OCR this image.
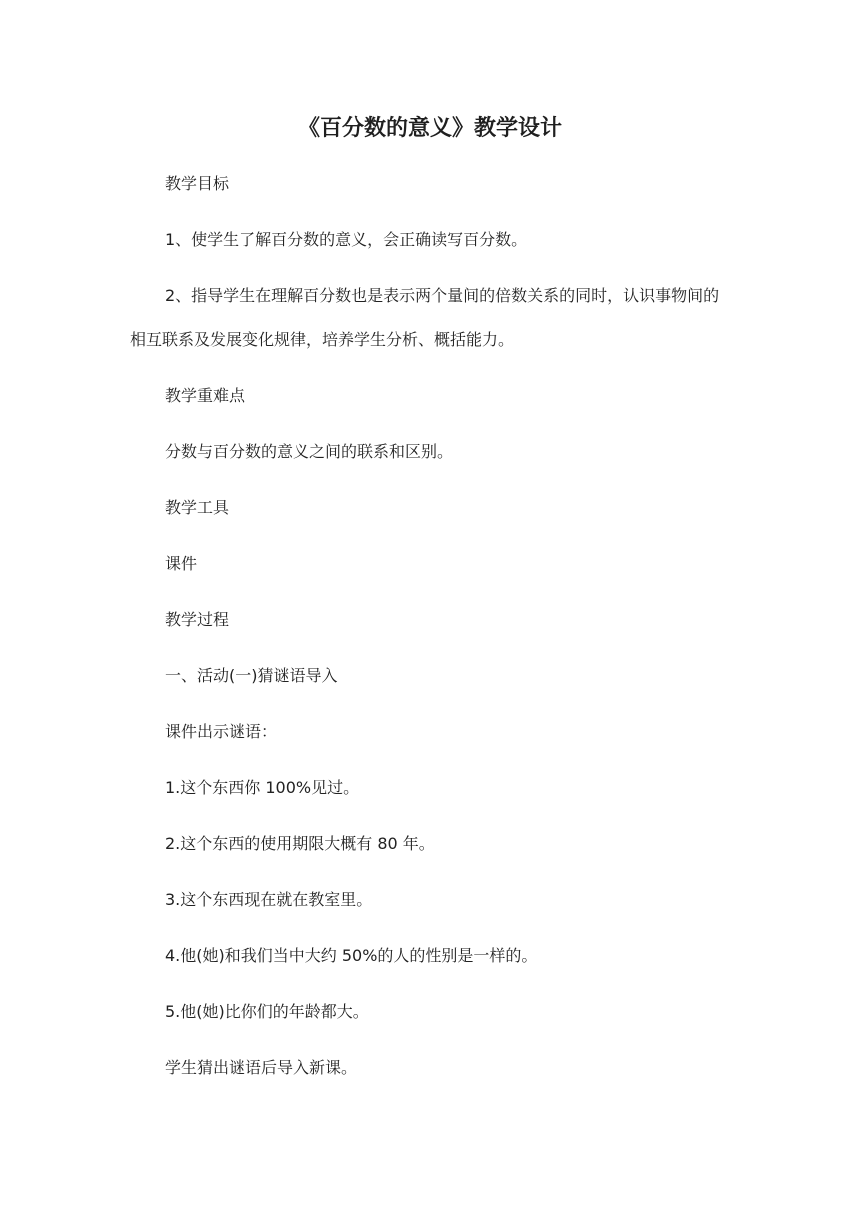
《百分数的意义》教学设计
教学目标
1、使学生了解百分数的意义，会正确读写百分数。
2、指导学生在理解百分数也是表示两个量间的倍数关系的同时，认识事物间的相互联系及发展变化规律，培养学生分析、概括能力。
教学重难点
分数与百分数的意义之间的联系和区别。
教学工具
课件
教学过程
一、活动(一)猜谜语导入
课件出示谜语：
1.这个东西你 100%见过。
2.这个东西的使用期限大概有 80 年。
3.这个东西现在就在教室里。
4.他(她)和我们当中大约 50%的人的性别是一样的。
5.他(她)比你们的年龄都大。
学生猜出谜语后导入新课。
